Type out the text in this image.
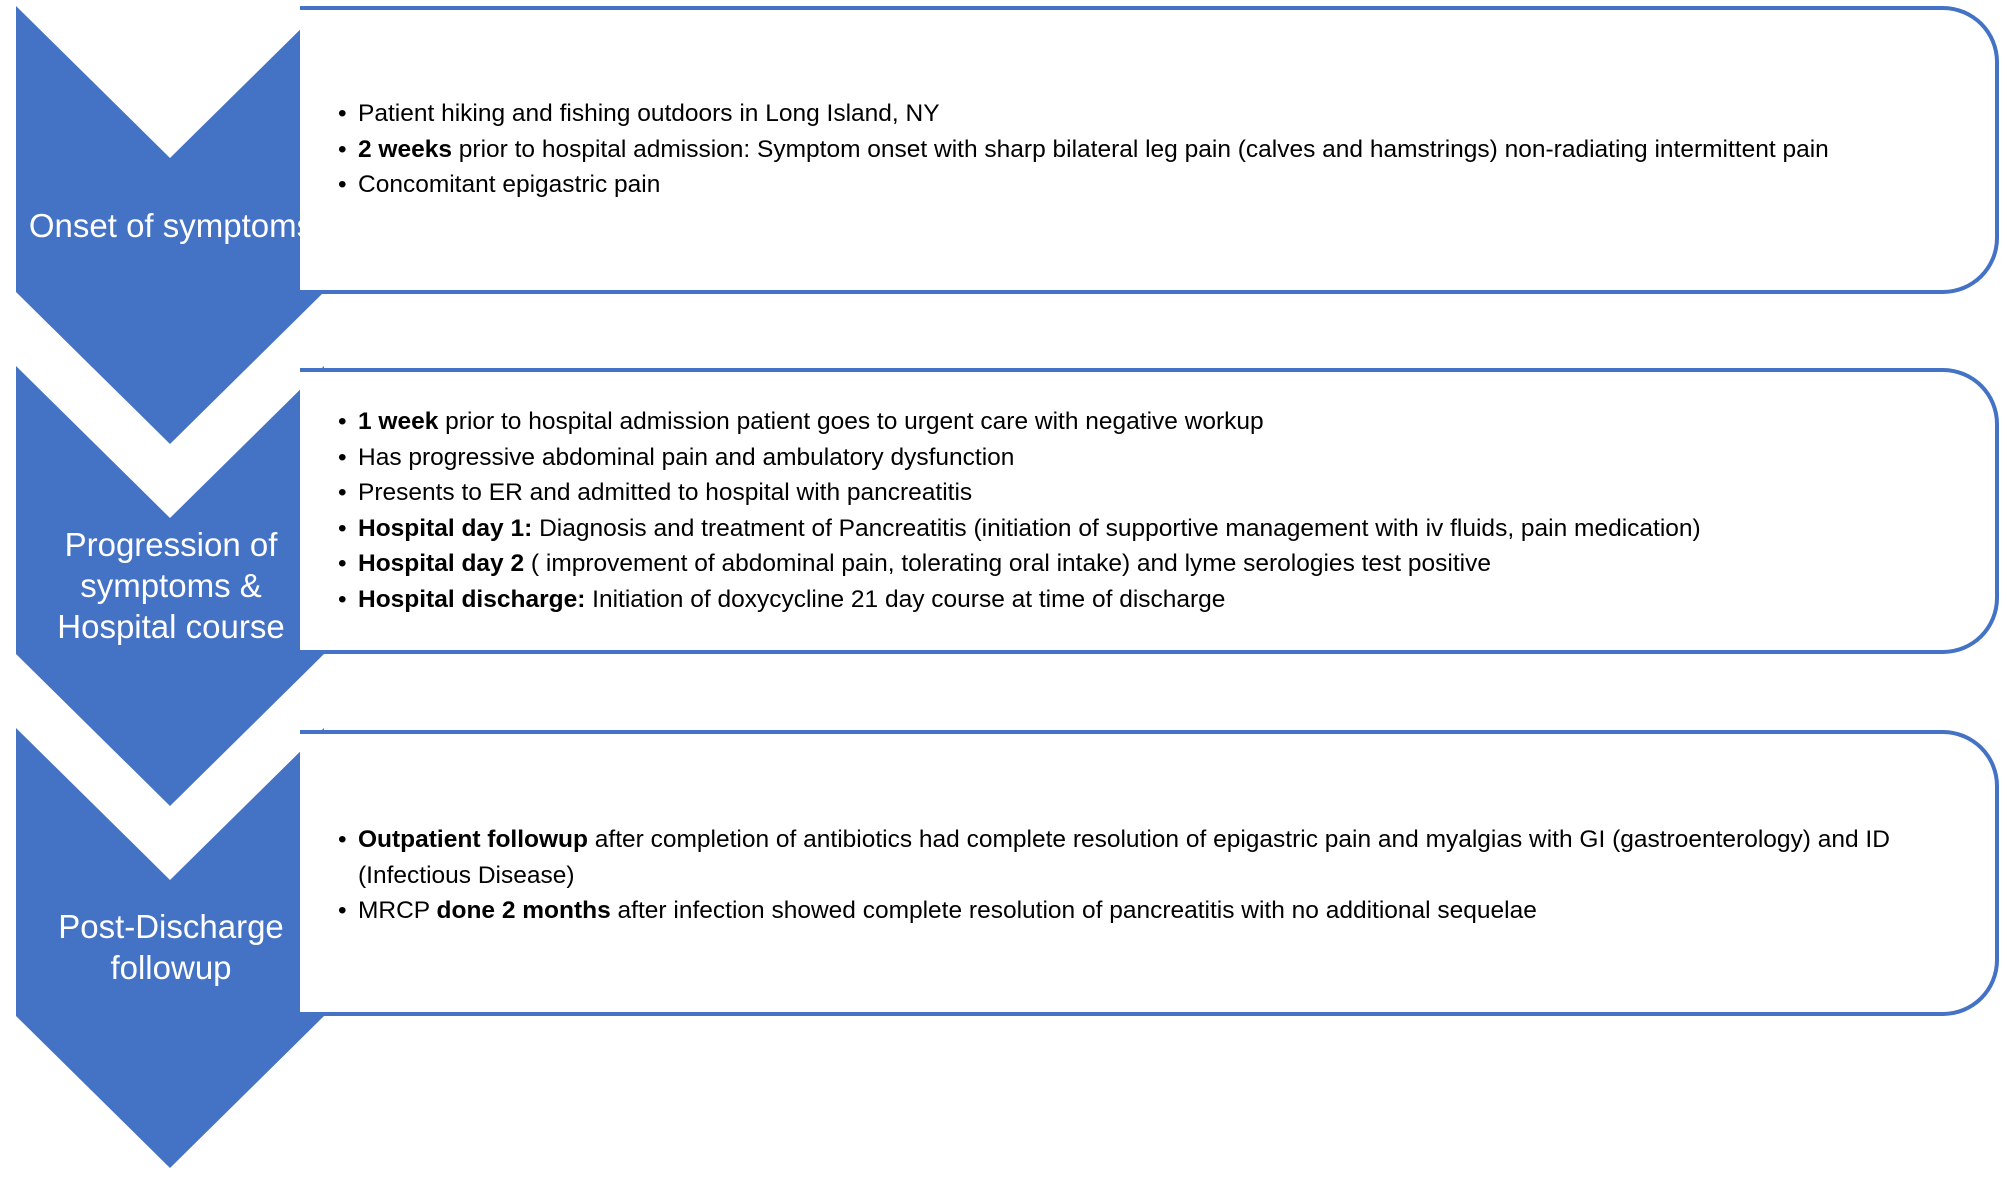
Onset of symptoms
• Patient hiking and fishing outdoors in Long Island, NY
• 2 weeks prior to hospital admission: Symptom onset with sharp bilateral leg pain (calves and hamstrings) non-radiating intermittent pain
• Concomitant epigastric pain
Progression of
symptoms &
Hospital course
• 1 week prior to hospital admission patient goes to urgent care with negative workup
• Has progressive abdominal pain and ambulatory dysfunction
• Presents to ER and admitted to hospital with pancreatitis
• Hospital day 1: Diagnosis and treatment of Pancreatitis (initiation of supportive management with iv fluids, pain medication)
• Hospital day 2 ( improvement of abdominal pain, tolerating oral intake) and lyme serologies test positive
• Hospital discharge: Initiation of doxycycline 21 day course at time of discharge
Post-Discharge
followup
• Outpatient followup after completion of antibiotics had complete resolution of epigastric pain and myalgias with GI (gastroenterology) and ID (Infectious Disease)
• MRCP done 2 months after infection showed complete resolution of pancreatitis with no additional sequelae
